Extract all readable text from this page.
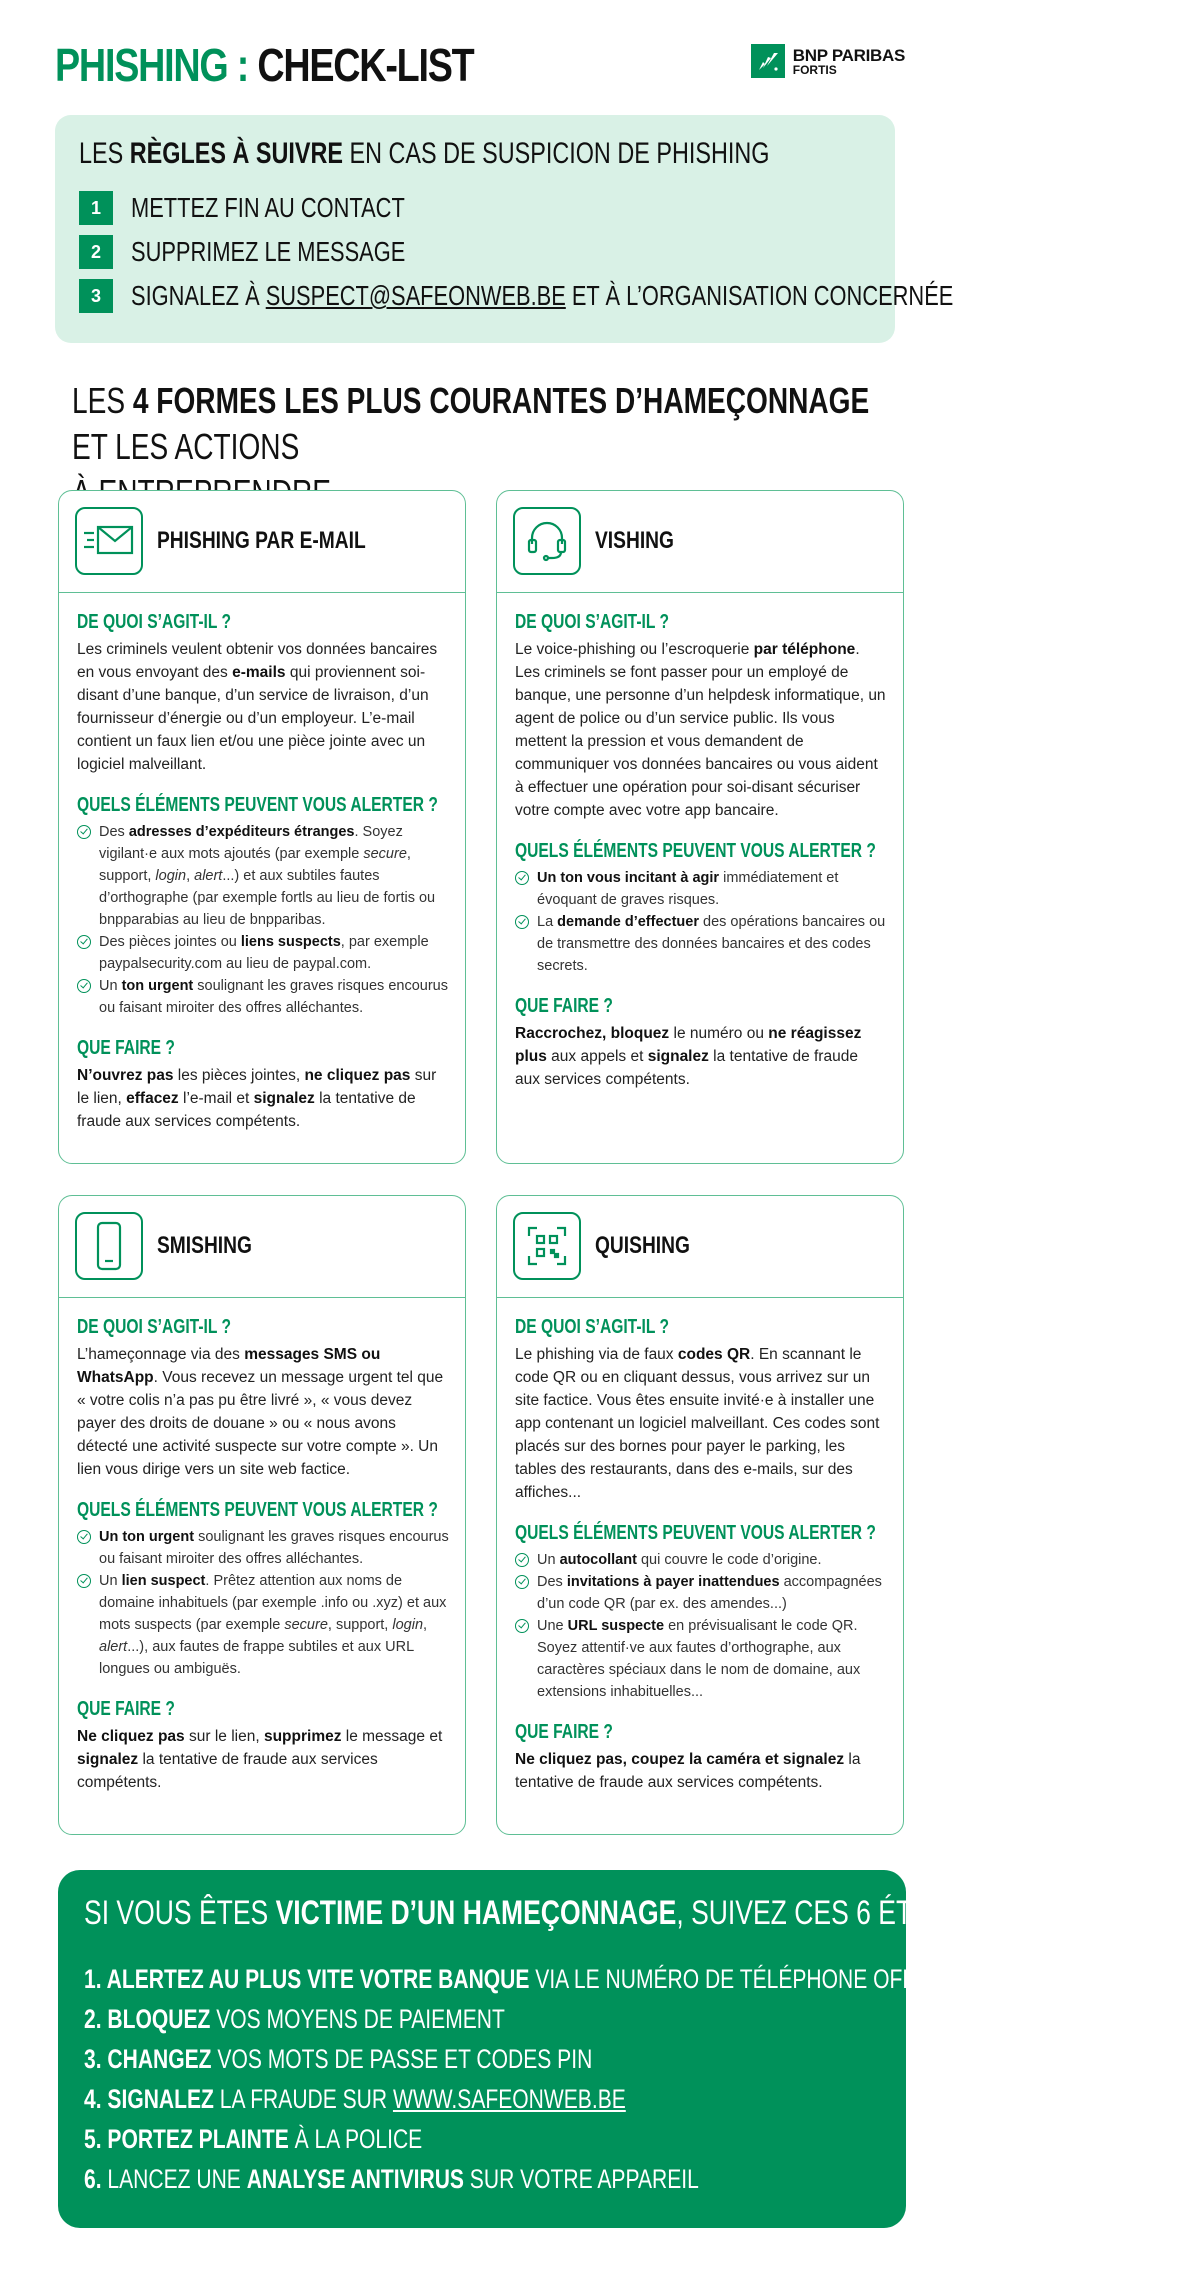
PHISHING : CHECK-LIST	BNP PARIBAS
FORTIS
LES RÈGLES À SUIVRE EN CAS DE SUSPICION DE PHISHING
1	METTEZ FIN AU CONTACT
2	SUPPRIMEZ LE MESSAGE
3	SIGNALEZ À SUSPECT@SAFEONWEB.BE ET À L’ORGANISATION CONCERNÉE
LES 4 FORMES LES PLUS COURANTES D’HAMEÇONNAGE ET LES ACTIONS

PHISHING PAR E-MAIL
DE QUOI S’AGIT-IL ?
Les criminels veulent obtenir vos données bancaires en vous envoyant des e-mails qui proviennent soi-disant d’une banque, d’un service de livraison, d’un fournisseur d’énergie ou d’un employeur. L’e-mail contient un faux lien et/ou une pièce jointe avec un logiciel malveillant.
QUELS ÉLÉMENTS PEUVENT VOUS ALERTER ?
Des adresses d’expéditeurs étranges. Soyez vigilant·e aux mots ajoutés (par exemple secure, support, login, alert...) et aux subtiles fautes d’orthographe (par exemple fortls au lieu de fortis ou bnpparabias au lieu de bnpparibas.
Des pièces jointes ou liens suspects, par exemple paypalsecurity.com au lieu de paypal.com.
Un ton urgent soulignant les graves risques encourus ou faisant miroiter des offres alléchantes.
QUE FAIRE ?
N’ouvrez pas les pièces jointes, ne cliquez pas sur le lien, effacez l’e-mail et signalez la tentative de fraude aux services compétents.
VISHING
DE QUOI S’AGIT-IL ?
Le voice-phishing ou l’escroquerie par téléphone. Les criminels se font passer pour un employé de banque, une personne d’un helpdesk informatique, un agent de police ou d’un service public. Ils vous mettent la pression et vous demandent de communiquer vos données bancaires ou vous aident à effectuer une opération pour soi-disant sécuriser votre compte avec votre app bancaire.
QUELS ÉLÉMENTS PEUVENT VOUS ALERTER ?
Un ton vous incitant à agir immédiatement et évoquant de graves risques.
La demande d’effectuer des opérations bancaires ou de transmettre des données bancaires et des codes secrets.
QUE FAIRE ?
Raccrochez, bloquez le numéro ou ne réagissez plus aux appels et signalez la tentative de fraude aux services compétents.
SMISHING
DE QUOI S’AGIT-IL ?
L’hameçonnage via des messages SMS ou WhatsApp. Vous recevez un message urgent tel que « votre colis n’a pas pu être livré », « vous devez payer des droits de douane » ou « nous avons détecté une activité suspecte sur votre compte ». Un lien vous dirige vers un site web factice.
QUELS ÉLÉMENTS PEUVENT VOUS ALERTER ?
Un ton urgent soulignant les graves risques encourus ou faisant miroiter des offres alléchantes.
Un lien suspect. Prêtez attention aux noms de domaine inhabituels (par exemple .info ou .xyz) et aux mots suspects (par exemple secure, support, login, alert...), aux fautes de frappe subtiles et aux URL longues ou ambiguës.
QUE FAIRE ?
Ne cliquez pas sur le lien, supprimez le message et signalez la tentative de fraude aux services compétents.
QUISHING
DE QUOI S’AGIT-IL ?
Le phishing via de faux codes QR. En scannant le code QR ou en cliquant dessus, vous arrivez sur un site factice. Vous êtes ensuite invité·e à installer une app contenant un logiciel malveillant. Ces codes sont placés sur des bornes pour payer le parking, les tables des restaurants, dans des e-mails, sur des affiches...
QUELS ÉLÉMENTS PEUVENT VOUS ALERTER ?
Un autocollant qui couvre le code d’origine.
Des invitations à payer inattendues accompagnées d’un code QR (par ex. des amendes...)
Une URL suspecte en prévisualisant le code QR. Soyez attentif·ve aux fautes d’orthographe, aux caractères spéciaux dans le nom de domaine, aux extensions inhabituelles...
QUE FAIRE ?
Ne cliquez pas, coupez la caméra et signalez la tentative de fraude aux services compétents.
SI VOUS ÊTES VICTIME D’UN HAMEÇONNAGE, SUIVEZ CES 6 ÉTAPES.
1. ALERTEZ AU PLUS VITE VOTRE BANQUE VIA LE NUMÉRO DE TÉLÉPHONE OFFICIEL
2. BLOQUEZ VOS MOYENS DE PAIEMENT
3. CHANGEZ VOS MOTS DE PASSE ET CODES PIN
4. SIGNALEZ LA FRAUDE SUR WWW.SAFEONWEB.BE
5. PORTEZ PLAINTE À LA POLICE
6. LANCEZ UNE ANALYSE ANTIVIRUS SUR VOTRE APPAREIL
